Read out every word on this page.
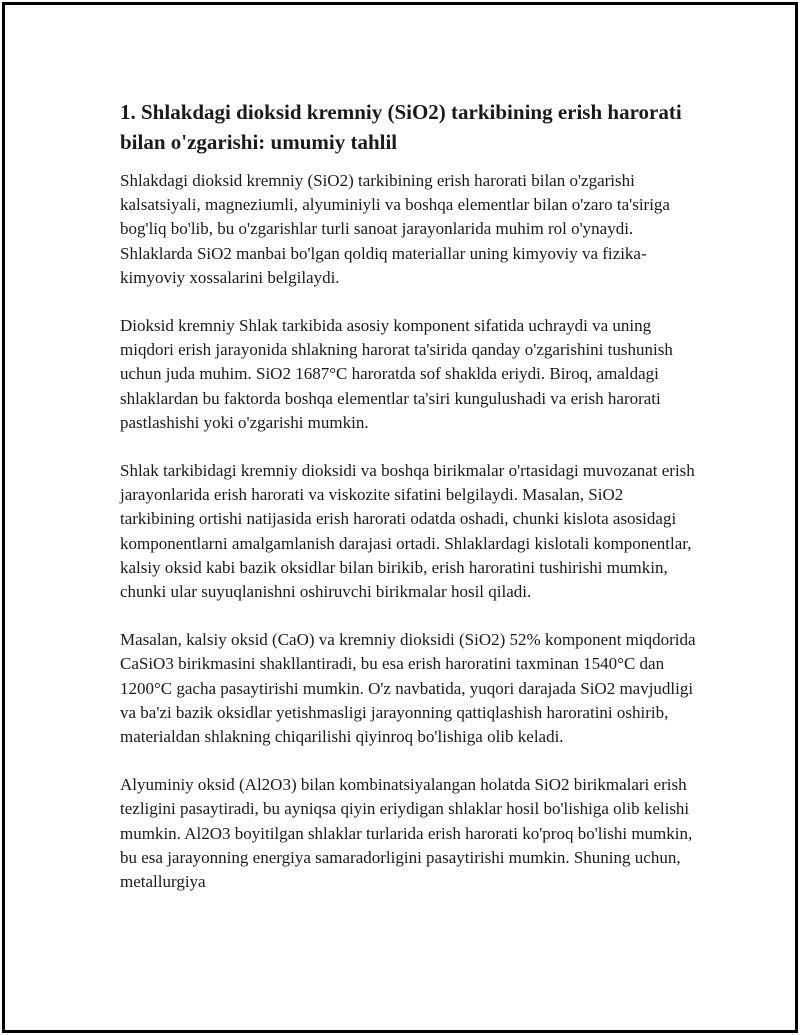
1. Shlakdagi dioksid kremniy (SiO2) tarkibining erish harorati bilan o'zgarishi: umumiy tahlil

Shlakdagi dioksid kremniy (SiO2) tarkibining erish harorati bilan o'zgarishi kalsatsiyali, magneziumli, alyuminiyli va boshqa elementlar bilan o'zaro ta'siriga bog'liq bo'lib, bu o'zgarishlar turli sanoat jarayonlarida muhim rol o'ynaydi. Shlaklarda SiO2 manbai bo'lgan qoldiq materiallar uning kimyoviy va fizika-kimyoviy xossalarini belgilaydi.

Dioksid kremniy Shlak tarkibida asosiy komponent sifatida uchraydi va uning miqdori erish jarayonida shlakning harorat ta'sirida qanday o'zgarishini tushunish uchun juda muhim. SiO2 1687°C haroratda sof shaklda eriydi. Biroq, amaldagi shlaklardan bu faktorda boshqa elementlar ta'siri kungulushadi va erish harorati pastlashishi yoki o'zgarishi mumkin.

Shlak tarkibidagi kremniy dioksidi va boshqa birikmalar o'rtasidagi muvozanat erish jarayonlarida erish harorati va viskozite sifatini belgilaydi. Masalan, SiO2 tarkibining ortishi natijasida erish harorati odatda oshadi, chunki kislota asosidagi komponentlarni amalgamlanish darajasi ortadi. Shlaklardagi kislotali komponentlar, kalsiy oksid kabi bazik oksidlar bilan birikib, erish haroratini tushirishi mumkin, chunki ular suyuqlanishni oshiruvchi birikmalar hosil qiladi.

Masalan, kalsiy oksid (CaO) va kremniy dioksidi (SiO2) 52% komponent miqdorida CaSiO3 birikmasini shakllantiradi, bu esa erish haroratini taxminan 1540°C dan 1200°C gacha pasaytirishi mumkin. O'z navbatida, yuqori darajada SiO2 mavjudligi va ba'zi bazik oksidlar yetishmasligi jarayonning qattiqlashish haroratini oshirib, materialdan shlakning chiqarilishi qiyinroq bo'lishiga olib keladi.

Alyuminiy oksid (Al2O3) bilan kombinatsiyalangan holatda SiO2 birikmalari erish tezligini pasaytiradi, bu ayniqsa qiyin eriydigan shlaklar hosil bo'lishiga olib kelishi mumkin. Al2O3 boyitilgan shlaklar turlarida erish harorati ko'proq bo'lishi mumkin, bu esa jarayonning energiya samaradorligini pasaytirishi mumkin. Shuning uchun, metallurgiya
